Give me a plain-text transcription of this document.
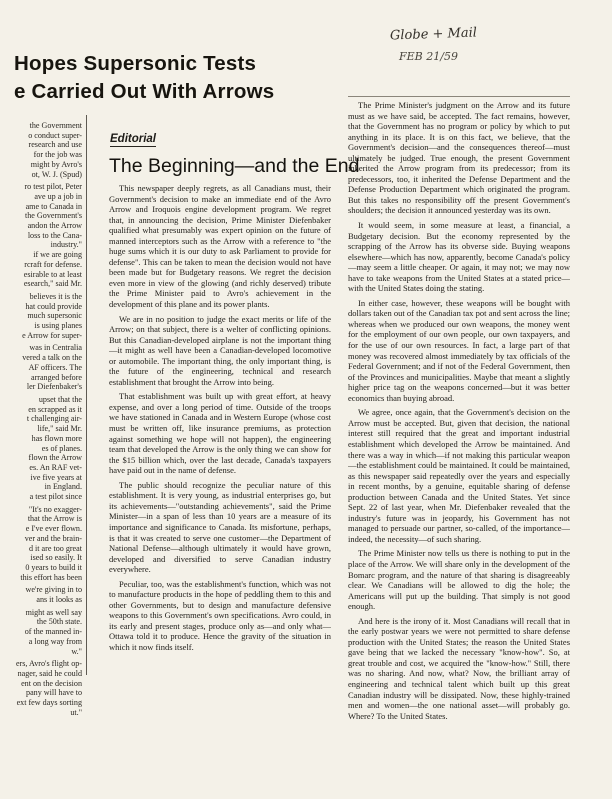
Hopes Supersonic Tests
e Carried Out With Arrows
Globe + Mail
FEB 21/59

the Government
o conduct super-
research and use
for the job was
might by Avro's
ot, W. J. (Spud)

ro test pilot, Peter
ave up a job in
ame to Canada in
the Government's
andon the Arrow
loss to the Cana-
industry."
if we are going
rcraft for defense.
esirable to at least
esearch," said Mr.

believes it is the
hat could provide
much supersonic
is using planes
e Arrow for super-

was in Centralia
vered a talk on the
AF officers. The
arranged before
ler Diefenbaker's

upset that the
en scrapped as it
t challenging air-
life," said Mr.
has flown more
es of planes.
flown the Arrow
es. An RAF vet-
ive five years at
in England.
a test pilot since

"It's no exagger-
that the Arrow is
e I've ever flown.
ver and the brain-
d it are too great
ised so easily. It
0 years to build it
this effort has been

we're giving in to
ans it looks as

might as well say
the 50th state.
of the manned in-
a long way from
w."

ers, Avro's flight op-
nager, said he could
ent on the decision
pany will have to
ext few days sorting
ut."

Editorial
The Beginning—and the End

This newspaper deeply regrets, as all Canadians must, their Government's decision to make an immediate end of the Avro Arrow and Iroquois engine development program. We regret that, in announcing the decision, Prime Minister Diefenbaker qualified what presumably was expert opinion on the future of manned interceptors such as the Arrow with a reference to "the huge sums which it is our duty to ask Parliament to provide for defense". This can be taken to mean the decision would not have been made but for Budgetary reasons. We regret the decision even more in view of the glowing (and richly deserved) tribute the Prime Minister paid to Avro's achievement in the development of this plane and its power plants.

We are in no position to judge the exact merits or life of the Arrow; on that subject, there is a welter of conflicting opinions. But this Canadian-developed airplane is not the important thing—it might as well have been a Canadian-developed locomotive or automobile. The important thing, the only important thing, is the future of the engineering, technical and research establishment that brought the Arrow into being.

That establishment was built up with great effort, at heavy expense, and over a long period of time. Outside of the troops we have stationed in Canada and in Western Europe (whose cost must be written off, like insurance premiums, as protection against something we hope will not happen), the engineering team that developed the Arrow is the only thing we can show for the $15 billion which, over the last decade, Canada's taxpayers have paid out in the name of defense.

The public should recognize the peculiar nature of this establishment. It is very young, as industrial enterprises go, but its achievements—"outstanding achievements", said the Prime Minister—in a span of less than 10 years are a measure of its importance and significance to Canada. Its misfortune, perhaps, is that it was created to serve one customer—the Department of National Defense—although ultimately it would have grown, developed and diversified to serve Canadian industry everywhere.

Peculiar, too, was the establishment's function, which was not to manufacture products in the hope of peddling them to this and other Governments, but to design and manufacture defensive weapons to this Government's own specifications. Avro could, in its early and present stages, produce only as—and only what—Ottawa told it to produce. Hence the gravity of the situation in which it now finds itself.

The Prime Minister's judgment on the Arrow and its future must as we have said, be accepted. The fact remains, however, that the Government has no program or policy by which to put anything in its place. It is on this fact, we believe, that the Government's decision—and the consequences thereof—must ultimately be judged. True enough, the present Government inherited the Arrow program from its predecessor; from its predecessors, too, it inherited the Defense Department and the Defense Production Department which originated the program. But this takes no responsibility off the present Government's shoulders; the decision it announced yesterday was its own.

It would seem, in some measure at least, a financial, a Budgetary decision. But the economy represented by the scrapping of the Arrow has its obverse side. Buying weapons elsewhere—which has now, apparently, become Canada's policy—may seem a little cheaper. Or again, it may not; we may now have to take weapons from the United States at a stated price—with the United States doing the stating.

In either case, however, these weapons will be bought with dollars taken out of the Canadian tax pot and sent across the line; whereas when we produced our own weapons, the money went for the employment of our own people, our own taxpayers, and for the use of our own resources. In fact, a large part of that money was recovered almost immediately by tax officials of the Federal Government; and if not of the Federal Government, then of the Provinces and municipalities. Maybe that meant a slightly higher price tag on the weapons concerned—but it was better economics than buying abroad.

We agree, once again, that the Government's decision on the Arrow must be accepted. But, given that decision, the national interest still required that the great and important industrial establishment which developed the Arrow be maintained. And there was a way in which—if not making this particular weapon—the establishment could be maintained. It could be maintained, as this newspaper said repeatedly over the years and especially in recent months, by a genuine, equitable sharing of defense production between Canada and the United States. Yet since Sept. 22 of last year, when Mr. Diefenbaker revealed that the industry's future was in jeopardy, his Government has not managed to persuade our partner, so-called, of the importance—indeed, the necessity—of such sharing.

The Prime Minister now tells us there is nothing to put in the place of the Arrow. We will share only in the development of the Bomarc program, and the nature of that sharing is disagreeably clear. We Canadians will be allowed to dig the hole; the Americans will put up the building. That simply is not good enough.

And here is the irony of it. Most Canadians will recall that in the early postwar years we were not permitted to share defense production with the United States; the reason the United States gave being that we lacked the necessary "know-how". So, at great trouble and cost, we acquired the "know-how." Still, there was no sharing. And now, what? Now, the brilliant array of engineering and technical talent which built up this great Canadian industry will be dissipated. Now, these highly-trained men and women—the one national asset—will probably go. Where? To the United States.
